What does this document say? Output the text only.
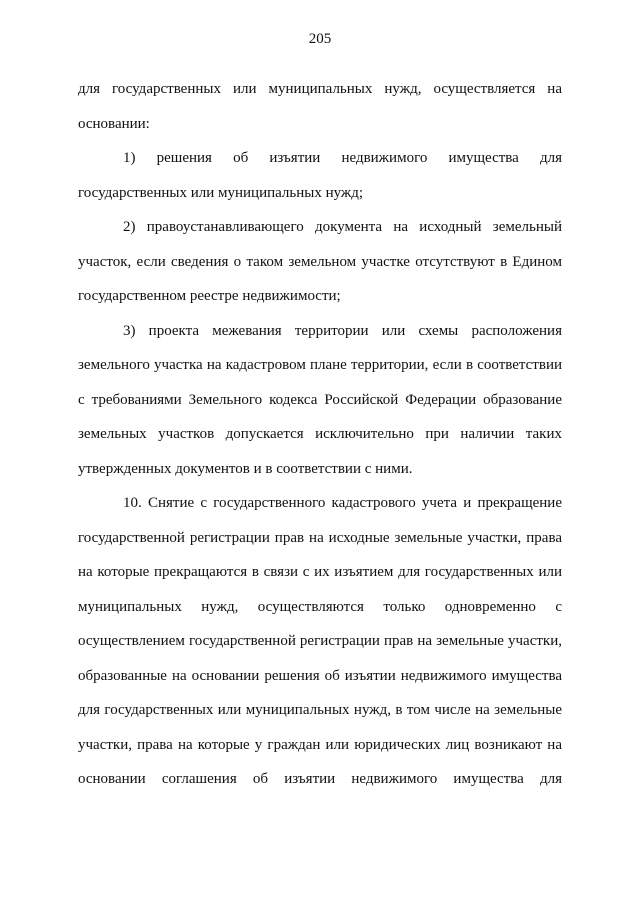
205

для государственных или муниципальных нужд, осуществляется на основании:

1) решения об изъятии недвижимого имущества для государственных или муниципальных нужд;

2) правоустанавливающего документа на исходный земельный участок, если сведения о таком земельном участке отсутствуют в Едином государственном реестре недвижимости;

3) проекта межевания территории или схемы расположения земельного участка на кадастровом плане территории, если в соответствии с требованиями Земельного кодекса Российской Федерации образование земельных участков допускается исключительно при наличии таких утвержденных документов и в соответствии с ними.

10. Снятие с государственного кадастрового учета и прекращение государственной регистрации прав на исходные земельные участки, права на которые прекращаются в связи с их изъятием для государственных или муниципальных нужд, осуществляются только одновременно с осуществлением государственной регистрации прав на земельные участки, образованные на основании решения об изъятии недвижимого имущества для государственных или муниципальных нужд, в том числе на земельные участки, права на которые у граждан или юридических лиц возникают на основании соглашения об изъятии недвижимого имущества для
